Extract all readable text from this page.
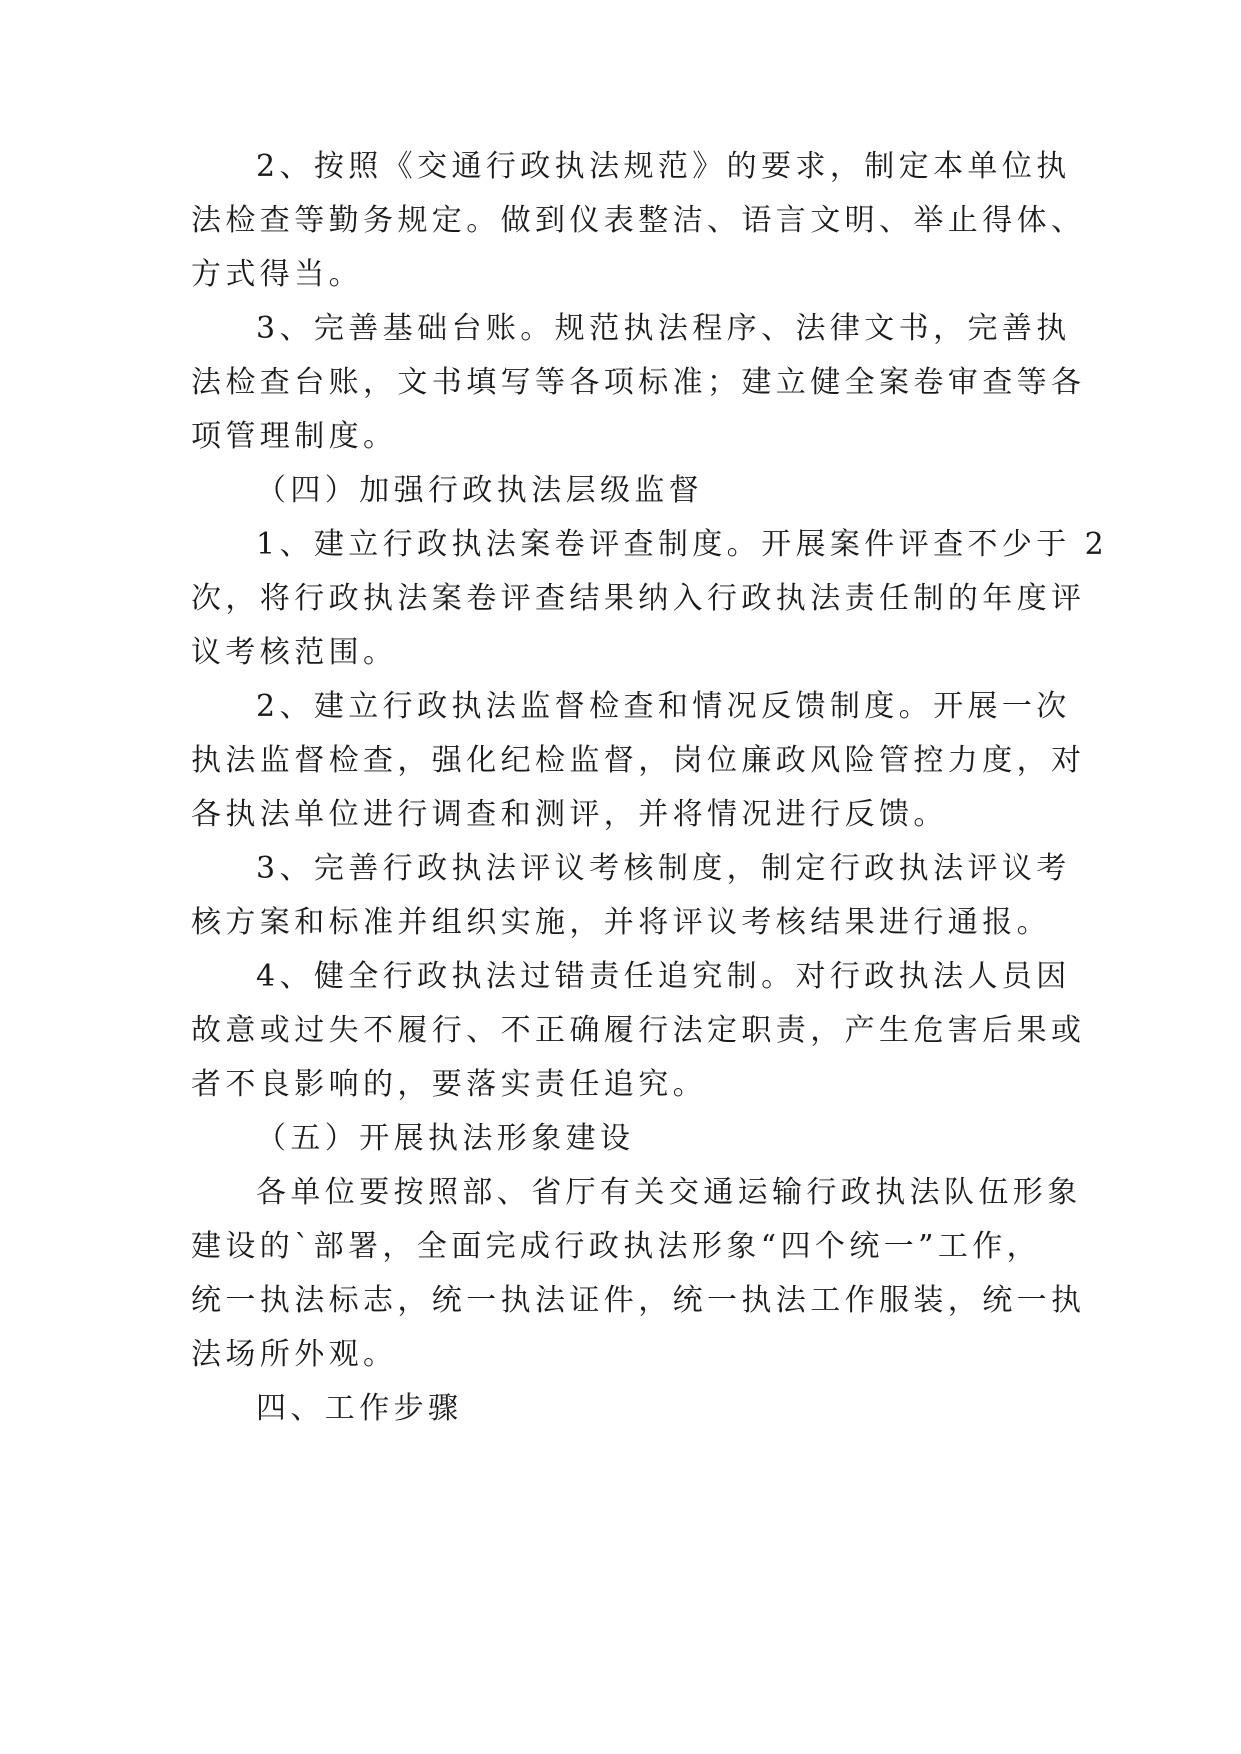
2、按照《交通行政执法规范》的要求，制定本单位执
法检查等勤务规定。做到仪表整洁、语言文明、举止得体、
方式得当。
3、完善基础台账。规范执法程序、法律文书，完善执
法检查台账，文书填写等各项标准；建立健全案卷审查等各
项管理制度。
（四）加强行政执法层级监督
1、建立行政执法案卷评查制度。开展案件评查不少于 2
次，将行政执法案卷评查结果纳入行政执法责任制的年度评
议考核范围。
2、建立行政执法监督检查和情况反馈制度。开展一次
执法监督检查，强化纪检监督，岗位廉政风险管控力度，对
各执法单位进行调查和测评，并将情况进行反馈。
3、完善行政执法评议考核制度，制定行政执法评议考
核方案和标准并组织实施，并将评议考核结果进行通报。
4、健全行政执法过错责任追究制。对行政执法人员因
故意或过失不履行、不正确履行法定职责，产生危害后果或
者不良影响的，要落实责任追究。
（五）开展执法形象建设
各单位要按照部、省厅有关交通运输行政执法队伍形象
建设的`部署，全面完成行政执法形象“四个统一”工作，
统一执法标志，统一执法证件，统一执法工作服装，统一执
法场所外观。
四、工作步骤
